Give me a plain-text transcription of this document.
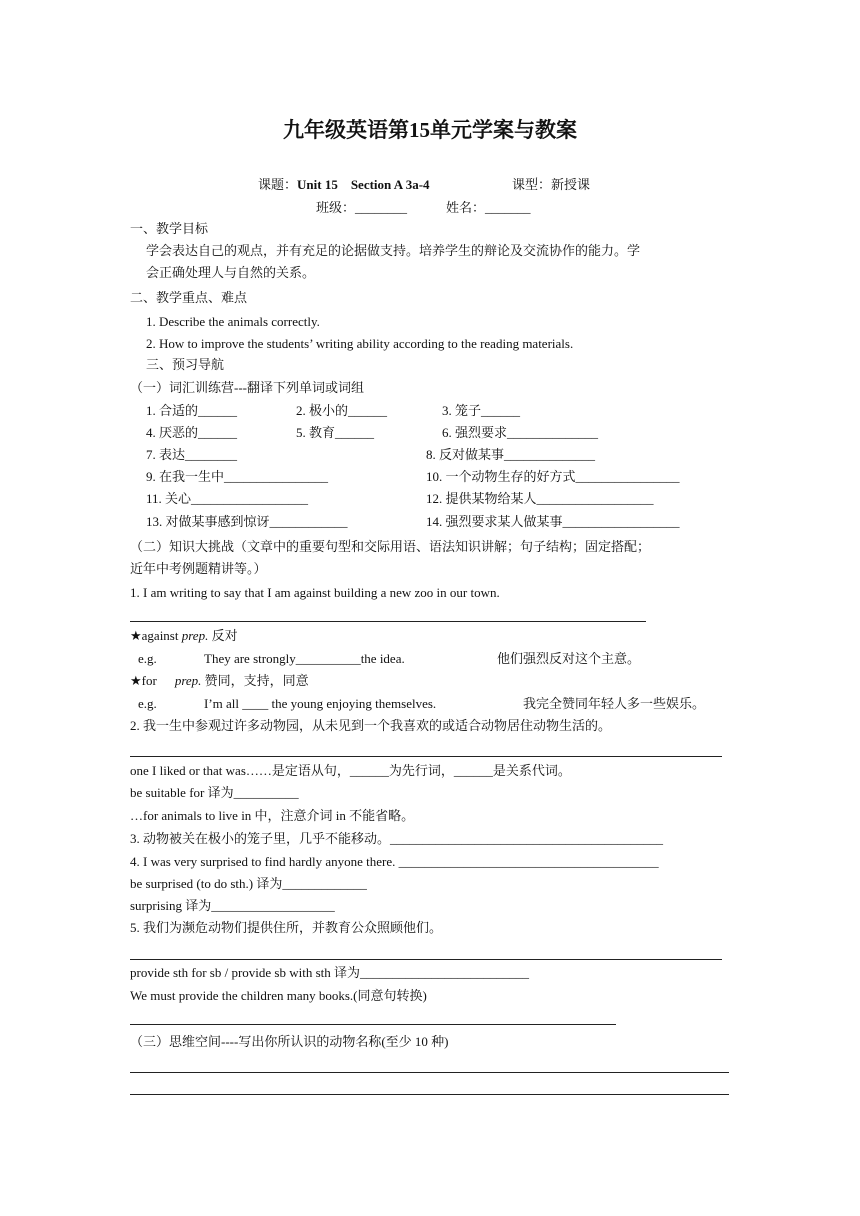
九年级英语第15单元学案与教案
课题：Unit 15　Section A 3a-4	课型：新授课
班级：________	姓名：_______
一、教学目标
学会表达自己的观点，并有充足的论据做支持。培养学生的辩论及交流协作的能力。学
会正确处理人与自然的关系。
二、教学重点、难点
1. Describe the animals correctly.
2. How to improve the students’ writing ability according to the reading materials.
三、预习导航
（一）词汇训练营---翻译下列单词或词组
1. 合适的______	2. 极小的______	3. 笼子______
4. 厌恶的______	5. 教育______	6. 强烈要求______________
7. 表达________	8. 反对做某事______________
9. 在我一生中________________	10. 一个动物生存的好方式________________
11. 关心__________________	12. 提供某物给某人__________________
13. 对做某事感到惊讶____________	14. 强烈要求某人做某事__________________
（二）知识大挑战（文章中的重要句型和交际用语、语法知识讲解；句子结构；固定搭配；
近年中考例题精讲等。）
1. I am writing to say that I am against building a new zoo in our town.
★against prep. 反对
e.g.	They are strongly__________the idea.	他们强烈反对这个主意。
★for prep. 赞同，支持，同意
e.g.	I’m all ____ the young enjoying themselves.	我完全赞同年轻人多一些娱乐。
2. 我一生中参观过许多动物园，从未见到一个我喜欢的或适合动物居住动物生活的。
one I liked or that was……是定语从句，______为先行词，______是关系代词。
be suitable for 译为__________
…for animals to live in 中，注意介词 in 不能省略。
3. 动物被关在极小的笼子里，几乎不能移动。__________________________________________
4. I was very surprised to find hardly anyone there. ________________________________________
be surprised (to do sth.) 译为_____________
surprising 译为___________________
5. 我们为濒危动物们提供住所，并教育公众照顾他们。
provide sth for sb / provide sb with sth 译为__________________________
We must provide the children many books.(同意句转换)
（三）思维空间----写出你所认识的动物名称(至少 10 种)
